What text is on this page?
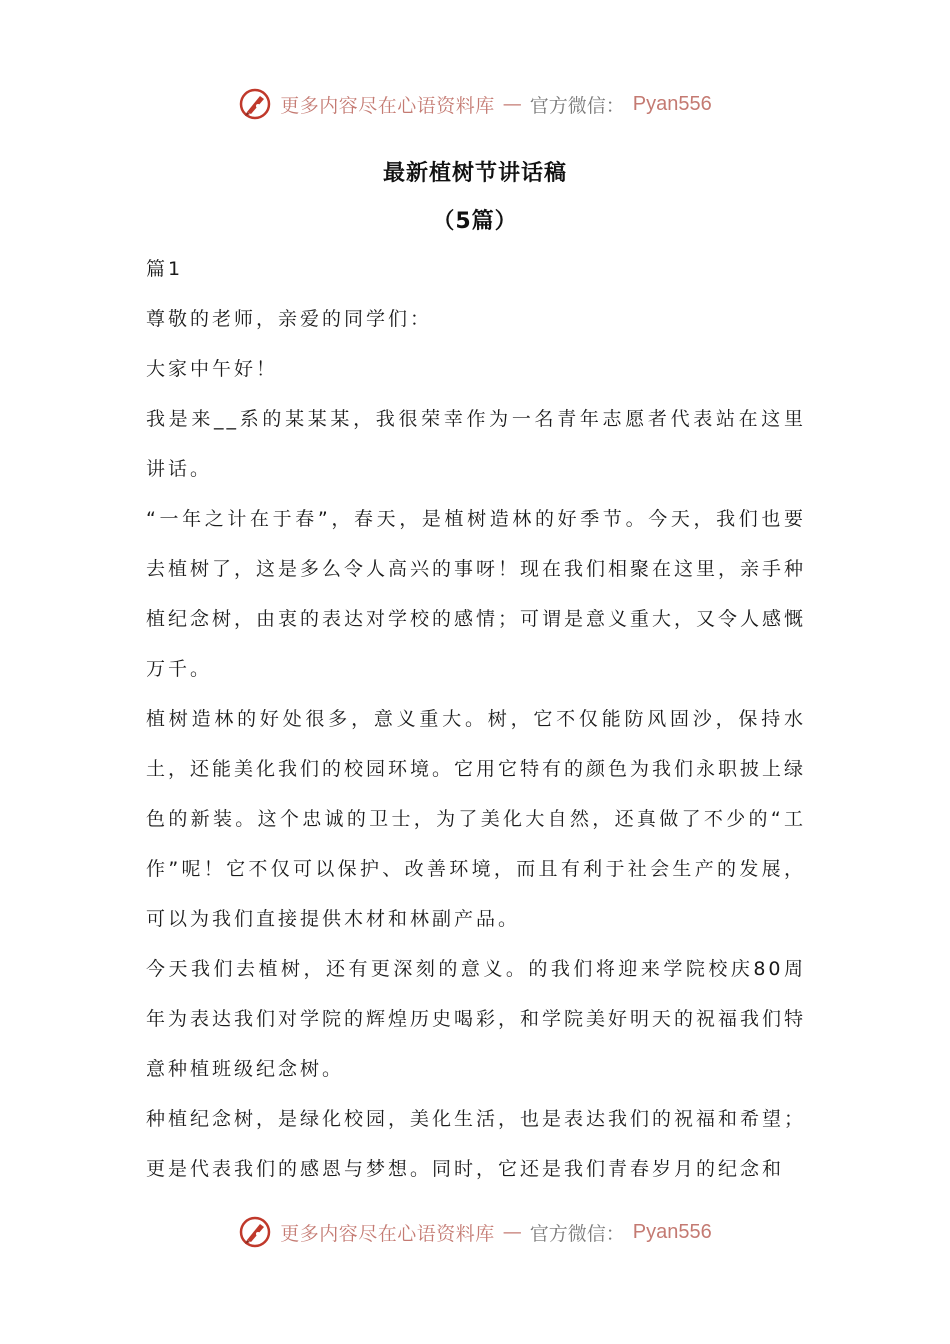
更多内容尽在心语资料库 — 官方微信： Pyan556
最新植树节讲话稿
（5篇）

篇1

尊敬的老师，亲爱的同学们：

大家中午好！

我是来__系的某某某，我很荣幸作为一名青年志愿者代表站在这里讲话。

“一年之计在于春”，春天，是植树造林的好季节。今天，我们也要去植树了，这是多么令人高兴的事呀！现在我们相聚在这里，亲手种植纪念树，由衷的表达对学校的感情；可谓是意义重大，又令人感慨万千。

植树造林的好处很多，意义重大。树，它不仅能防风固沙，保持水土，还能美化我们的校园环境。它用它特有的颜色为我们永职披上绿色的新装。这个忠诚的卫士，为了美化大自然，还真做了不少的“工作”呢！它不仅可以保护、改善环境，而且有利于社会生产的发展，可以为我们直接提供木材和林副产品。

今天我们去植树，还有更深刻的意义。的我们将迎来学院校庆80周年为表达我们对学院的辉煌历史喝彩，和学院美好明天的祝福我们特意种植班级纪念树。

种植纪念树，是绿化校园，美化生活，也是表达我们的祝福和希望；更是代表我们的感恩与梦想。同时，它还是我们青春岁月的纪念和

更多内容尽在心语资料库 — 官方微信： Pyan556
